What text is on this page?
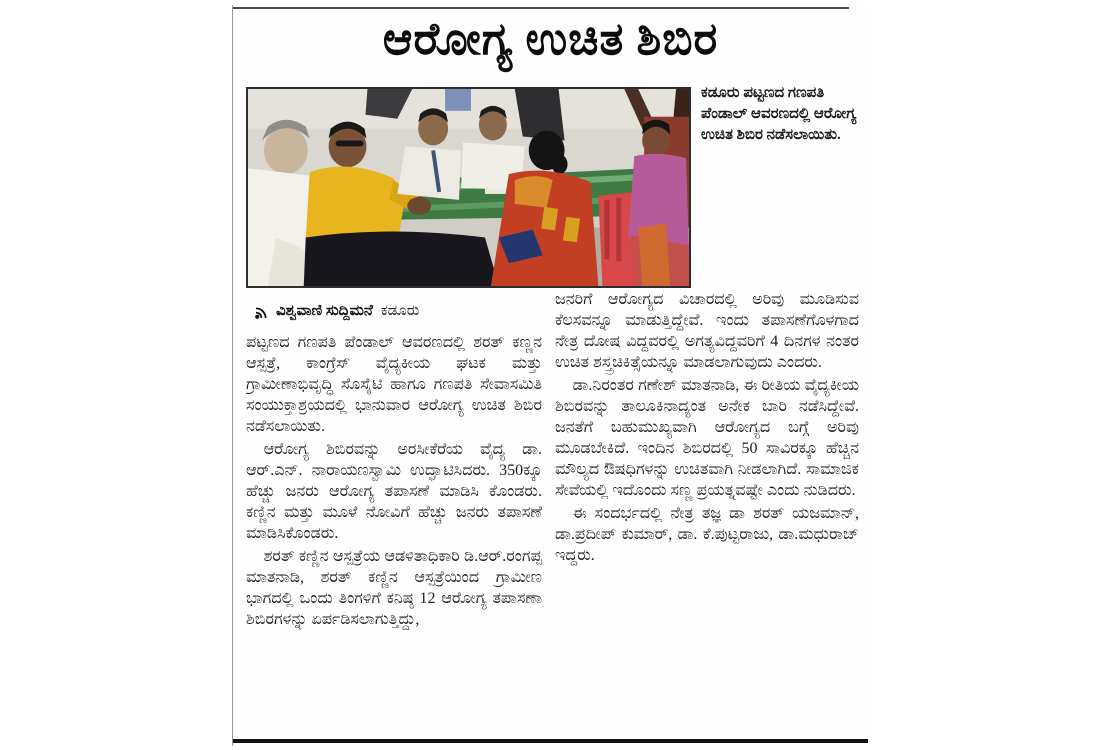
ಆರೋಗ್ಯ ಉಚಿತ ಶಿಬಿರ
ಕಡೂರು ಪಟ್ಟಣದ ಗಣಪತಿ ಪೆಂಡಾಲ್ ಆವರಣದಲ್ಲಿ ಆರೋಗ್ಯ ಉಚಿತ ಶಿಬಿರ ನಡೆಸಲಾಯಿತು.
ವಿಶ್ವವಾಣಿ ಸುದ್ದಿಮನೆ ಕಡೂರು

ಪಟ್ಟಣದ ಗಣಪತಿ ಪೆಂಡಾಲ್ ಆವರಣದಲ್ಲಿ ಶರತ್ ಕಣ್ಣನ ಆಸ್ಪತ್ರೆ, ಕಾಂಗ್ರೆಸ್ ವೈದ್ಯಕೀಯ ಘಟಕ ಮತ್ತು ಗ್ರಾಮೀಣಾಭಿವೃದ್ಧಿ ಸೊಸೈಟಿ ಹಾಗೂ ಗಣಪತಿ ಸೇವಾಸಮಿತಿ ಸಂಯುಕ್ತಾಶ್ರಯದಲ್ಲಿ ಭಾನುವಾರ ಆರೋಗ್ಯ ಉಚಿತ ಶಿಬಿರ ನಡೆಸಲಾಯಿತು.

ಆರೋಗ್ಯ ಶಿಬಿರವನ್ನು ಅರಸೀಕೆರೆಯ ವೈದ್ಯ ಡಾ. ಆರ್.ಎನ್. ನಾರಾಯಣಸ್ವಾಮಿ ಉದ್ಘಾಟಿಸಿದರು. 350ಕ್ಕೂ ಹೆಚ್ಚು ಜನರು ಆರೋಗ್ಯ ತಪಾಸಣೆ ಮಾಡಿಸಿ ಕೊಂಡರು. ಕಣ್ಣಿನ ಮತ್ತು ಮೂಳೆ ನೋವಿಗೆ ಹೆಚ್ಚು ಜನರು ತಪಾಸಣೆ ಮಾಡಿಸಿಕೊಂಡರು.

ಶರತ್ ಕಣ್ಣಿನ ಆಸ್ಪತ್ರೆಯ ಆಡಳಿತಾಧಿಕಾರಿ ಡಿ.ಆರ್.ರಂಗಪ್ಪ ಮಾತನಾಡಿ, ಶರತ್ ಕಣ್ಣಿನ ಆಸ್ಪತ್ರೆಯಿಂದ ಗ್ರಾಮೀಣ ಭಾಗದಲ್ಲಿ ಒಂದು ತಿಂಗಳಿಗೆ ಕನಿಷ್ಠ 12 ಆರೋಗ್ಯ ತಪಾಸಣಾ ಶಿಬಿರಗಳನ್ನು ಏರ್ಪಡಿಸಲಾಗುತ್ತಿದ್ದು,

ಜನರಿಗೆ ಆರೋಗ್ಯದ ವಿಚಾರದಲ್ಲಿ ಅರಿವು ಮೂಡಿಸುವ ಕೆಲಸವನ್ನೂ ಮಾಡುತ್ತಿದ್ದೇವೆ. ಇಂದು ತಪಾಸಣೆಗೊಳಗಾದ ನೇತ್ರ ದೋಷ ವಿದ್ದವರಲ್ಲಿ ಅಗತ್ಯವಿದ್ದವರಿಗೆ 4 ದಿನಗಳ ನಂತರ ಉಚಿತ ಶಸ್ತ್ರಚಿಕಿತ್ಸೆಯನ್ನೂ ಮಾಡಲಾಗುವುದು ಎಂದರು.

ಡಾ.ನಿರಂತರ ಗಣೇಶ್ ಮಾತನಾಡಿ, ಈ ರೀತಿಯ ವೈದ್ಯಕೀಯ ಶಿಬಿರವನ್ನು ತಾಲೂಕಿನಾದ್ಯಂತ ಅನೇಕ ಬಾರಿ ನಡೆಸಿದ್ದೇವೆ. ಜನತೆಗೆ ಬಹುಮುಖ್ಯವಾಗಿ ಆರೋಗ್ಯದ ಬಗ್ಗೆ ಅರಿವು ಮೂಡಬೇಕಿದೆ. ಇಂದಿನ ಶಿಬಿರದಲ್ಲಿ 50 ಸಾವಿರಕ್ಕೂ ಹೆಚ್ಚಿನ ಮೌಲ್ಯದ ಔಷಧಿಗಳನ್ನು ಉಚಿತವಾಗಿ ನೀಡಲಾಗಿದೆ. ಸಾಮಾಜಿಕ ಸೇವೆಯಲ್ಲಿ ಇದೊಂದು ಸಣ್ಣ ಪ್ರಯತ್ನವಷ್ಟೇ ಎಂದು ನುಡಿದರು.

ಈ ಸಂದರ್ಭದಲ್ಲಿ ನೇತ್ರ ತಜ್ಞ ಡಾ ಶರತ್ ಯಜಮಾನ್, ಡಾ.ಪ್ರದೀಪ್ ಕುಮಾರ್, ಡಾ. ಕೆ.ಪುಟ್ಟರಾಜು, ಡಾ.ಮಧುರಾಜ್ ಇದ್ದರು.
